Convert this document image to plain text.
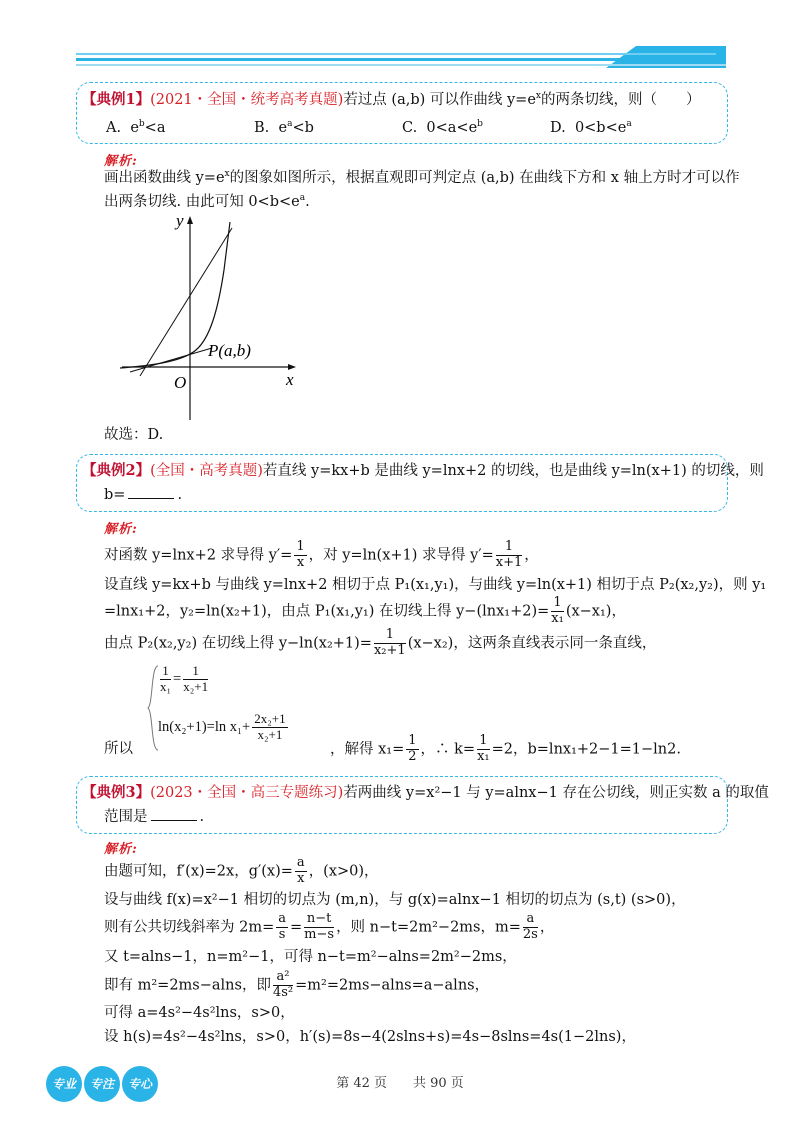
【典例1】(2021・全国・统考高考真题)若过点 (a,b) 可以作曲线 $y=e^x$的两条切线，则（　　）
A. $e^b<a$	B. $e^a<b$	C. $0<a<e^b$	D. $0<b<e^a$
解析:
画出函数曲线 $y=e^x$的图象如图所示，根据直观即可判定点 (a,b) 在曲线下方和 x 轴上方时才可以作
出两条切线. 由此可知 $0<b<e^a$.
y
x
O
P(a,b)
故选：D.
【典例2】(全国・高考真题)若直线 y=kx+b 是曲线 y=lnx+2 的切线，也是曲线 y=ln(x+1) 的切线，则
b=	.
解析:
对函数 y=lnx+2 求导得 $y'= \frac{1}{x}$ ，对 y=ln(x+1) 求导得 $y'= \frac{1}{x+1}$ ，
设直线 y=kx+b 与曲线 y=lnx+2 相切于点 P₁(x₁,y₁)，与曲线 y=ln(x+1) 相切于点 P₂(x₂,y₂)，则 y₁
=lnx₁+2，y₂=ln(x₂+1)，由点 P₁(x₁,y₁) 在切线上得 $y-(\ln x_1+2)= \frac{1}{\text{x₁}} (x-x_1)$，
由点 P₂(x₂,y₂) 在切线上得 $y-\ln(x_2+1)= \frac{1}{\text{x₂+1}} (x-x_2)$，这两条直线表示同一条直线，
$\frac{1}{\text{x₁}} = \frac{1}{\text{x₂+1}}$
ln(x₂+1)=ln $x_1+ \frac{\text{2x₂+1}}{\text{x₂+1}}$
所以	，解得 $x_1= \frac{1}{2}$ ，∴ $k= \frac{1}{\text{x₁}} =2$，b=lnx₁+2−1=1−ln2.
【典例3】(2023・全国・高三专题练习)若两曲线 y=x²−1 与 y=alnx−1 存在公切线，则正实数 a 的取值
范围是	.
解析:
由题可知，f′(x)=2x，$g'(x)= \frac{a}{x}$ ，(x>0)，
设与曲线 f(x)=x²−1 相切的切点为 (m,n)，与 g(x)=alnx−1 相切的切点为 (s,t) (s>0)，
则有公共切线斜率为 $2m= \frac{a}{s} = \frac{n-t}{m-s}$ ，则 n−t=2m²−2ms，$m= \frac{a}{2s}$ ，
又 t=alns−1，n=m²−1，可得 n−t=m²−alns=2m²−2ms，
即有 m²=2ms−alns，即 $\frac{\text{a²}}{\text{4s²}} =m^2=2ms-alns=a-alns$，
可得 a=4s²−4s²lns，s>0，
设 h(s)=4s²−4s²lns，s>0，h′(s)=8s−4(2slns+s)=4s−8slns=4s(1−2lns)，
专业	专注	专心	第 42 页　　共 90 页
